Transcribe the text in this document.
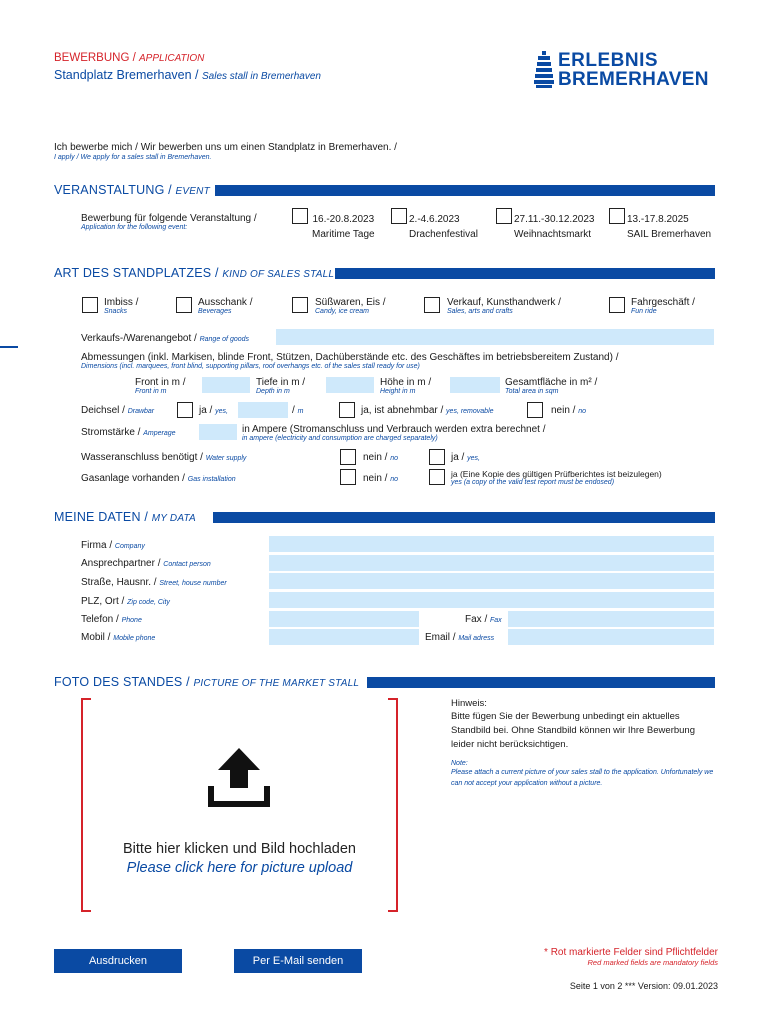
BEWERBUNG / APPLICATION
Standplatz Bremerhaven / Sales stall in Bremerhaven
ERLEBNIS
BREMERHAVEN
Ich bewerbe mich / Wir bewerben uns um einen Standplatz in Bremerhaven. /
I apply / We apply for a sales stall in Bremerhaven.
VERANSTALTUNG / EVENT
Bewerbung für folgende Veranstaltung /
Application for the following event:
16.-20.8.2023
Maritime Tage
2.-4.6.2023
Drachenfestival
27.11.-30.12.2023
Weihnachtsmarkt
13.-17.8.2025
SAIL Bremerhaven
ART DES STANDPLATZES / KIND OF SALES STALL
Imbiss /
Snacks
Ausschank /
Beverages
Süßwaren, Eis /
Candy, ice cream
Verkauf, Kunsthandwerk /
Sales, arts and crafts
Fahrgeschäft /
Fun ride
Verkaufs-/Warenangebot / Range of goods
Abmessungen (inkl. Markisen, blinde Front, Stützen, Dachüberstände etc. des Geschäftes im betriebsbereitem Zustand) /
Dimensions (incl. marquees, front blind, supporting pillars, roof overhangs etc. of the sales stall ready for use)
Front in m /
Front in m
Tiefe in m /
Depth in m
Höhe in m /
Height in m
Gesamtfläche in m² /
Total area in sqm
Deichsel / Drawbar	ja / yes,	/ m	ja, ist abnehmbar / yes, removable	nein / no
Stromstärke / Amperage	in Ampere (Stromanschluss und Verbrauch werden extra berechnet /
in ampere (electricity and consumption are charged separately)
Wasseranschluss benötigt / Water supply	nein / no	ja / yes,
Gasanlage vorhanden / Gas installation	nein / no
ja (Eine Kopie des gültigen Prüfberichtes ist beizulegen)
yes (a copy of the valid test report must be endosed)
MEINE DATEN / MY DATA
Firma / Company
Ansprechpartner / Contact person
Straße, Hausnr. / Street, house number
PLZ, Ort / Zip code, City
Telefon / Phone	Fax / Fax
Mobil / Mobile phone	Email / Mail adress
FOTO DES STANDES / PICTURE OF THE MARKET STALL
Bitte hier klicken und Bild hochladen
Please click here for picture upload
Hinweis:
Bitte fügen Sie der Bewerbung unbedingt ein aktuelles Standbild bei. Ohne Standbild können wir Ihre Bewerbung leider nicht berücksichtigen.
Note:
Please attach a current picture of your sales stall to the application. Unfortunately we can not accept your application without a picture.
Ausdrucken	Per E-Mail senden
* Rot markierte Felder sind Pflichtfelder
Red marked fields are mandatory fields
Seite 1 von 2 *** Version: 09.01.2023
